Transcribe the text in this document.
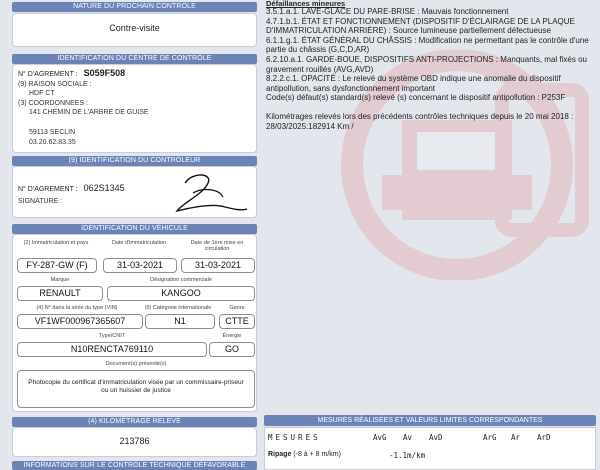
NATURE DU PROCHAIN CONTRÔLE
Contre-visite
IDENTIFICATION DU CENTRE DE CONTRÔLE
N° D'AGREMENT : S059F508
(9) RAISON SOCIALE :
HDF CT
(3) COORDONNEES :
141 CHEMIN DE L'ARBRE DE GUISE
59113 SECLIN
03.20.62.83.35
(9) IDENTIFICATION DU CONTRÔLEUR
N° D'AGREMENT : 062S1345
SIGNATURE :
IDENTIFICATION DU VÉHICULE
(2) Immatriculation et pays	Date d'immatriculation	Date de 1ère mise en circulation
FY-287-GW (F)	31-03-2021	31-03-2021
Marque	Désignation commerciale
RENAULT	KANGOO
(4) N° dans la série du type (VIN)	(5) Catégorie internationale	Genre
VF1WF000967365607	N1	CTTE
Type/CNIT	Énergie
N10RENCTA769110	GO
Document(s) présenté(s)
Photocopie du certificat d'immatriculation visée par un commissaire-priseur ou un huissier de justice
(4) KILOMÉTRAGE RELEVÉ
213786
INFORMATIONS SUR LE CONTRÔLE TECHNIQUE DÉFAVORABLE

Défaillances mineures

3.5.1.a.1. LAVE-GLACE DU PARE-BRISE : Mauvais fonctionnement

4.7.1.b.1. ÉTAT ET FONCTIONNEMENT (DISPOSITIF D'ÉCLAIRAGE DE LA PLAQUE D'IMMATRICULATION ARRIÈRE) : Source lumineuse partiellement défectueuse

6.1.1.g.1. ÉTAT GÉNÉRAL DU CHÂSSIS : Modification ne permettant pas le contrôle d'une partie du châssis (G,C,D,AR)

6.2.10.a.1. GARDE-BOUE, DISPOSITIFS ANTI-PROJECTIONS : Manquants, mal fixés ou gravement rouillés (AVG,AVD)

8.2.2.c.1. OPACITÉ : Le relevé du système OBD indique une anomalie du dispositif antipollution, sans dysfonctionnement important

Code(s) défaut(s) standard(s) relevé (s) concernant le dispositif antipollution : P253F

Kilométrages relevés lors des précédents contrôles techniques depuis le 20 mai 2018 : 28/03/2025:182914 Km /

MESURES RÉALISÉES ET VALEURS LIMITES CORRESPONDANTES
MESURES	AvG Av AvD	ArG Ar ArD
Ripage (-8 à + 8 m/km)	-1.1m/km
